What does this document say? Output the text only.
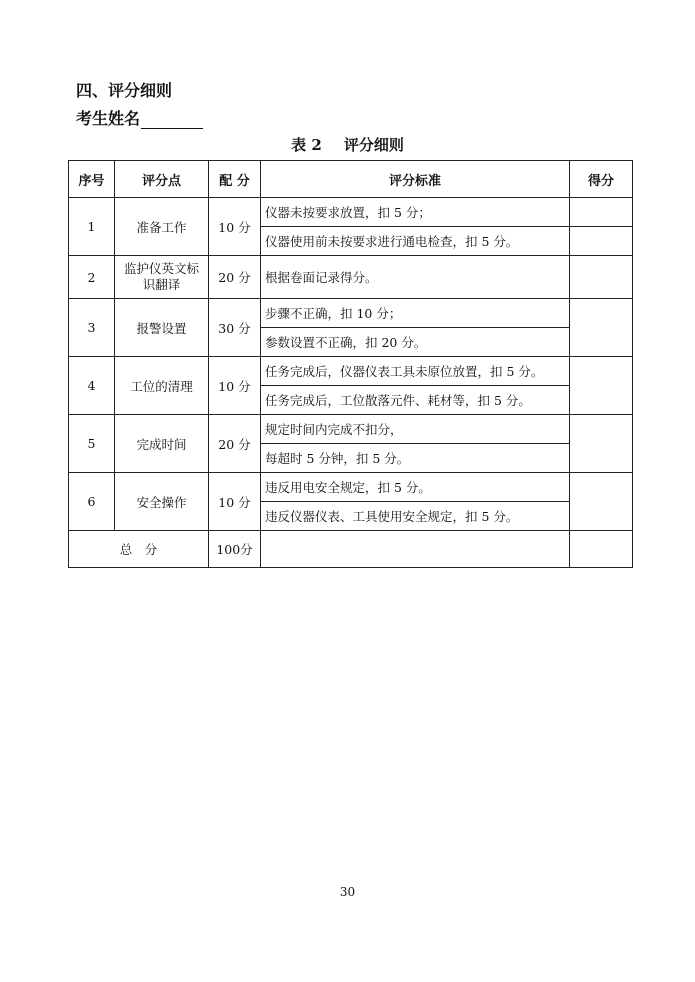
四、评分细则
考生姓名
表 2 评分细则
序号	评分点	配 分	评分标准	得分
1	准备工作	10 分	仪器未按要求放置，扣 5 分；	
			仪器使用前未按要求进行通电检查，扣 5 分。	
2	监护仪英文标识翻译	20 分	根据卷面记录得分。	
3	报警设置	30 分	步骤不正确，扣 10 分；	
			参数设置不正确，扣 20 分。	
4	工位的清理	10 分	任务完成后，仪器仪表工具未原位放置，扣 5 分。	
			任务完成后，工位散落元件、耗材等，扣 5 分。	
5	完成时间	20 分	规定时间内完成不扣分，	
			每超时 5 分钟，扣 5 分。	
6	安全操作	10 分	违反用电安全规定，扣 5 分。	
			违反仪器仪表、工具使用安全规定，扣 5 分。	
总　分		100分		
30
